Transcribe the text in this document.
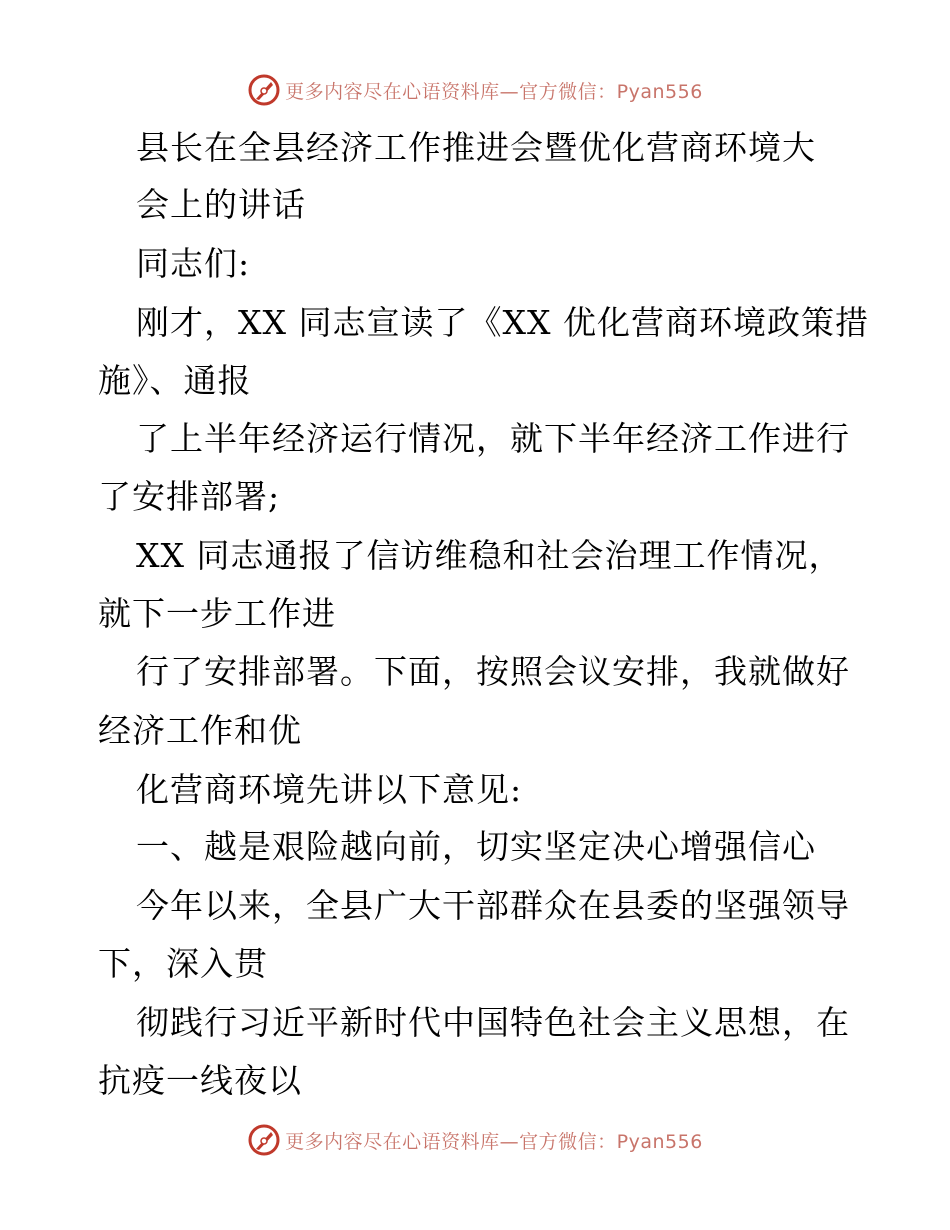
更多内容尽在心语资料库—官方微信：Pyan556
县长在全县经济工作推进会暨优化营商环境大
会上的讲话
同志们:
刚才，XX 同志宣读了《XX 优化营商环境政策措
施》、通报
了上半年经济运行情况，就下半年经济工作进行
了安排部署;
XX 同志通报了信访维稳和社会治理工作情况，
就下一步工作进
行了安排部署。下面，按照会议安排，我就做好
经济工作和优
化营商环境先讲以下意见:
一、越是艰险越向前，切实坚定决心增强信心
今年以来，全县广大干部群众在县委的坚强领导
下，深入贯
彻践行习近平新时代中国特色社会主义思想，在
抗疫一线夜以
更多内容尽在心语资料库—官方微信：Pyan556
